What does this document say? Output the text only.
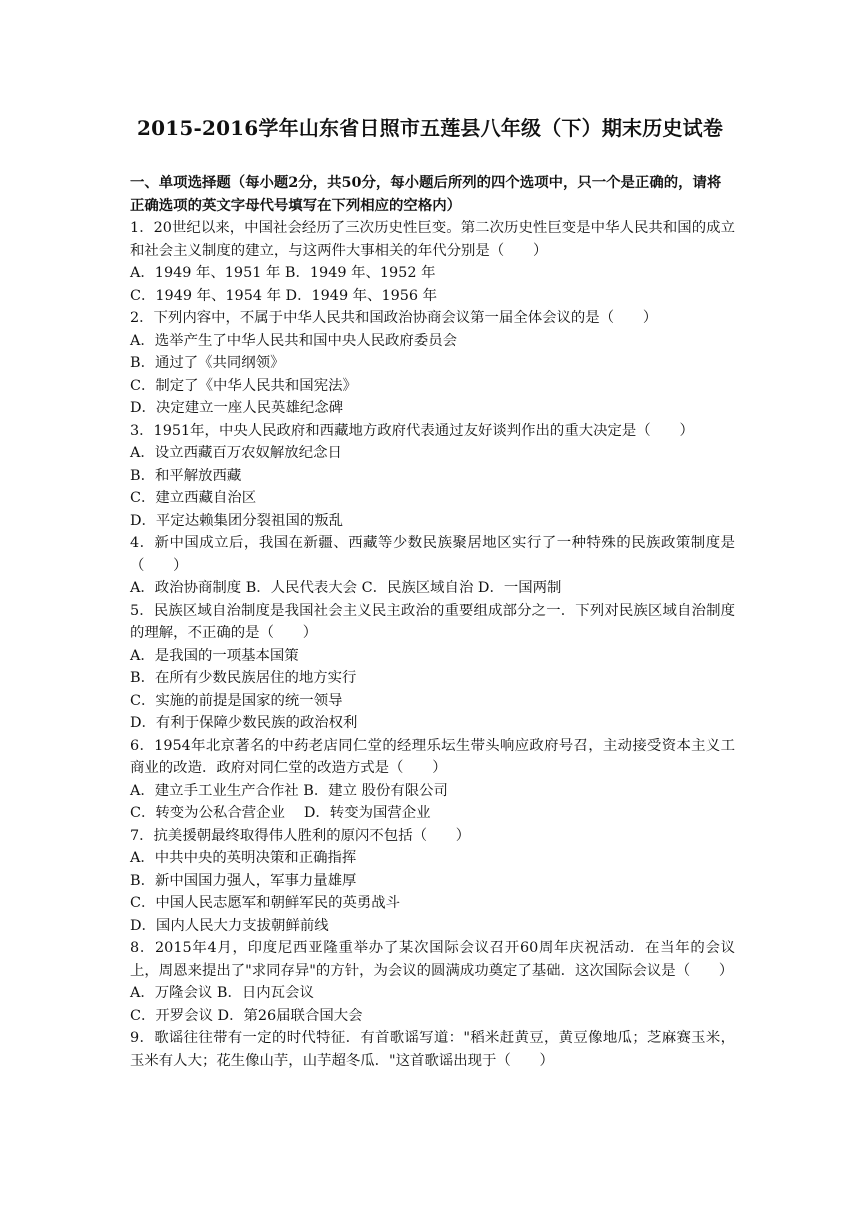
2015-2016学年山东省日照市五莲县八年级（下）期末历史试卷
一、单项选择题（每小题2分，共50分，每小题后所列的四个选项中，只一个是正确的，请将正确选项的英文字母代号填写在下列相应的空格内）
1．20世纪以来，中国社会经历了三次历史性巨变。第二次历史性巨变是中华人民共和国的成立和社会主义制度的建立，与这两件大事相关的年代分别是（　　）
A．1949 年、1951 年 B．1949 年、1952 年
C．1949 年、1954 年 D．1949 年、1956 年
2．下列内容中，不属于中华人民共和国政治协商会议第一届全体会议的是（　　）
A．选举产生了中华人民共和国中央人民政府委员会
B．通过了《共同纲领》
C．制定了《中华人民共和国宪法》
D．决定建立一座人民英雄纪念碑
3．1951年，中央人民政府和西藏地方政府代表通过友好谈判作出的重大决定是（　　）
A．设立西藏百万农奴解放纪念日
B．和平解放西藏
C．建立西藏自治区
D．平定达赖集团分裂祖国的叛乱
4．新中国成立后，我国在新疆、西藏等少数民族聚居地区实行了一种特殊的民族政策制度是（　　）
A．政治协商制度 B．人民代表大会 C．民族区域自治 D．一国两制
5．民族区域自治制度是我国社会主义民主政治的重要组成部分之一．下列对民族区域自治制度的理解，不正确的是（　　）
A．是我国的一项基本国策
B．在所有少数民族居住的地方实行
C．实施的前提是国家的统一领导
D．有利于保障少数民族的政治权利
6．1954年北京著名的中药老店同仁堂的经理乐坛生带头响应政府号召，主动接受资本主义工商业的改造．政府对同仁堂的改造方式是（　　）
A．建立手工业生产合作社 B．建立 股份有限公司
C．转变为公私合营企业　 D．转变为国营企业
7．抗美援朝最终取得伟人胜利的原闪不包括（　　）
A．中共中央的英明决策和正确指挥
B．新中国国力强人，军事力量雄厚
C．中国人民志愿军和朝鲜军民的英勇战斗
D．国内人民大力支拔朝鲜前线
8．2015年4月，印度尼西亚隆重举办了某次国际会议召开60周年庆祝活动．在当年的会议上，周恩来提出了"求同存异"的方针，为会议的圆满成功奠定了基础．这次国际会议是（　　）
A．万隆会议 B．日内瓦会议
C．开罗会议 D．第26届联合国大会
9．歌谣往往带有一定的时代特征．有首歌谣写道："稻米赶黄豆，黄豆像地瓜；芝麻赛玉米，玉米有人大；花生像山芋，山芋超冬瓜．"这首歌谣出现于（　　）
